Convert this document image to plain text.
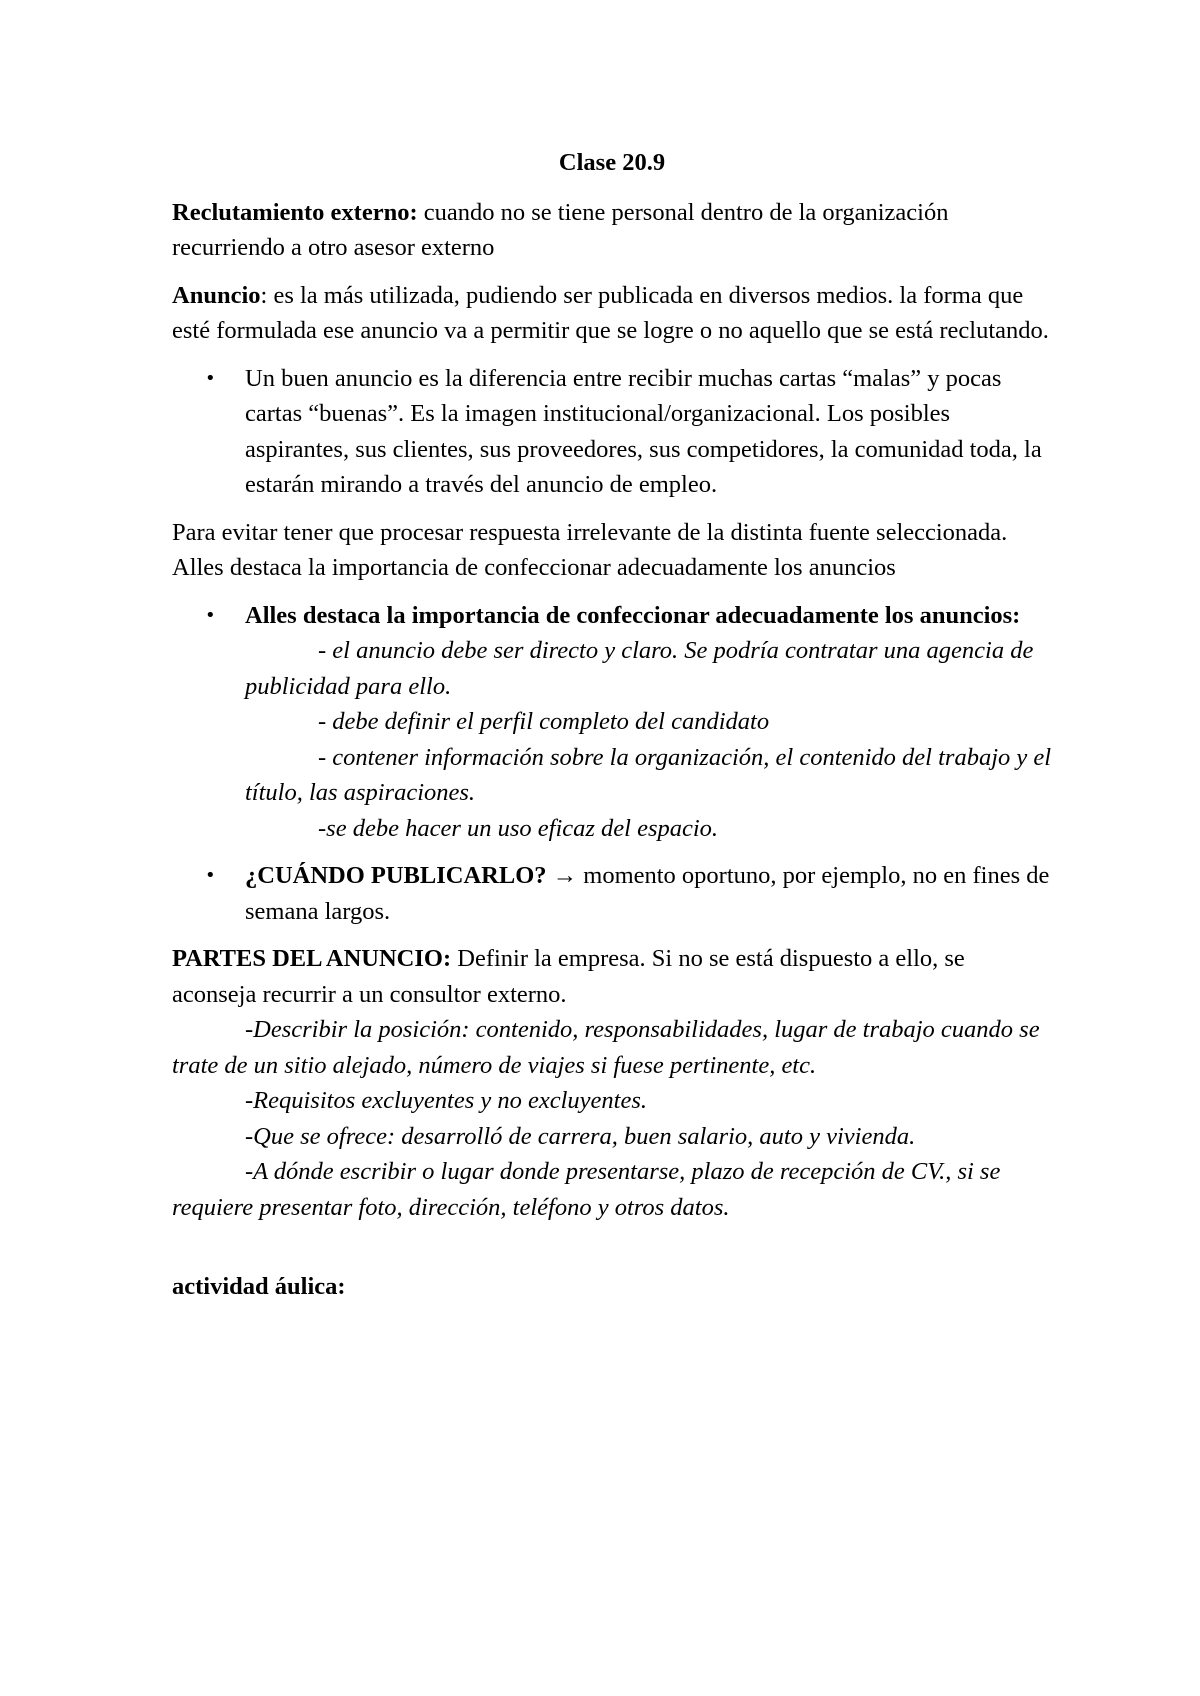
Clase 20.9

Reclutamiento externo: cuando no se tiene personal dentro de la organización recurriendo a otro asesor externo

Anuncio: es la más utilizada, pudiendo ser publicada en diversos medios. la forma que esté formulada ese anuncio va a permitir que se logre o no aquello que se está reclutando.

• Un buen anuncio es la diferencia entre recibir muchas cartas “malas” y pocas cartas “buenas”. Es la imagen institucional/organizacional. Los posibles aspirantes, sus clientes, sus proveedores, sus competidores, la comunidad toda, la estarán mirando a través del anuncio de empleo.

Para evitar tener que procesar respuesta irrelevante de la distinta fuente seleccionada. Alles destaca la importancia de confeccionar adecuadamente los anuncios

• Alles destaca la importancia de confeccionar adecuadamente los anuncios:
- el anuncio debe ser directo y claro. Se podría contratar una agencia de publicidad para ello.
- debe definir el perfil completo del candidato
- contener información sobre la organización, el contenido del trabajo y el título, las aspiraciones.
-se debe hacer un uso eficaz del espacio.
• ¿CUÁNDO PUBLICARLO? → momento oportuno, por ejemplo, no en fines de semana largos.

PARTES DEL ANUNCIO: Definir la empresa. Si no se está dispuesto a ello, se aconseja recurrir a un consultor externo.

-Describir la posición: contenido, responsabilidades, lugar de trabajo cuando se trate de un sitio alejado, número de viajes si fuese pertinente, etc.
-Requisitos excluyentes y no excluyentes.
-Que se ofrece: desarrolló de carrera, buen salario, auto y vivienda.
-A dónde escribir o lugar donde presentarse, plazo de recepción de CV., si se requiere presentar foto, dirección, teléfono y otros datos.

actividad áulica:
